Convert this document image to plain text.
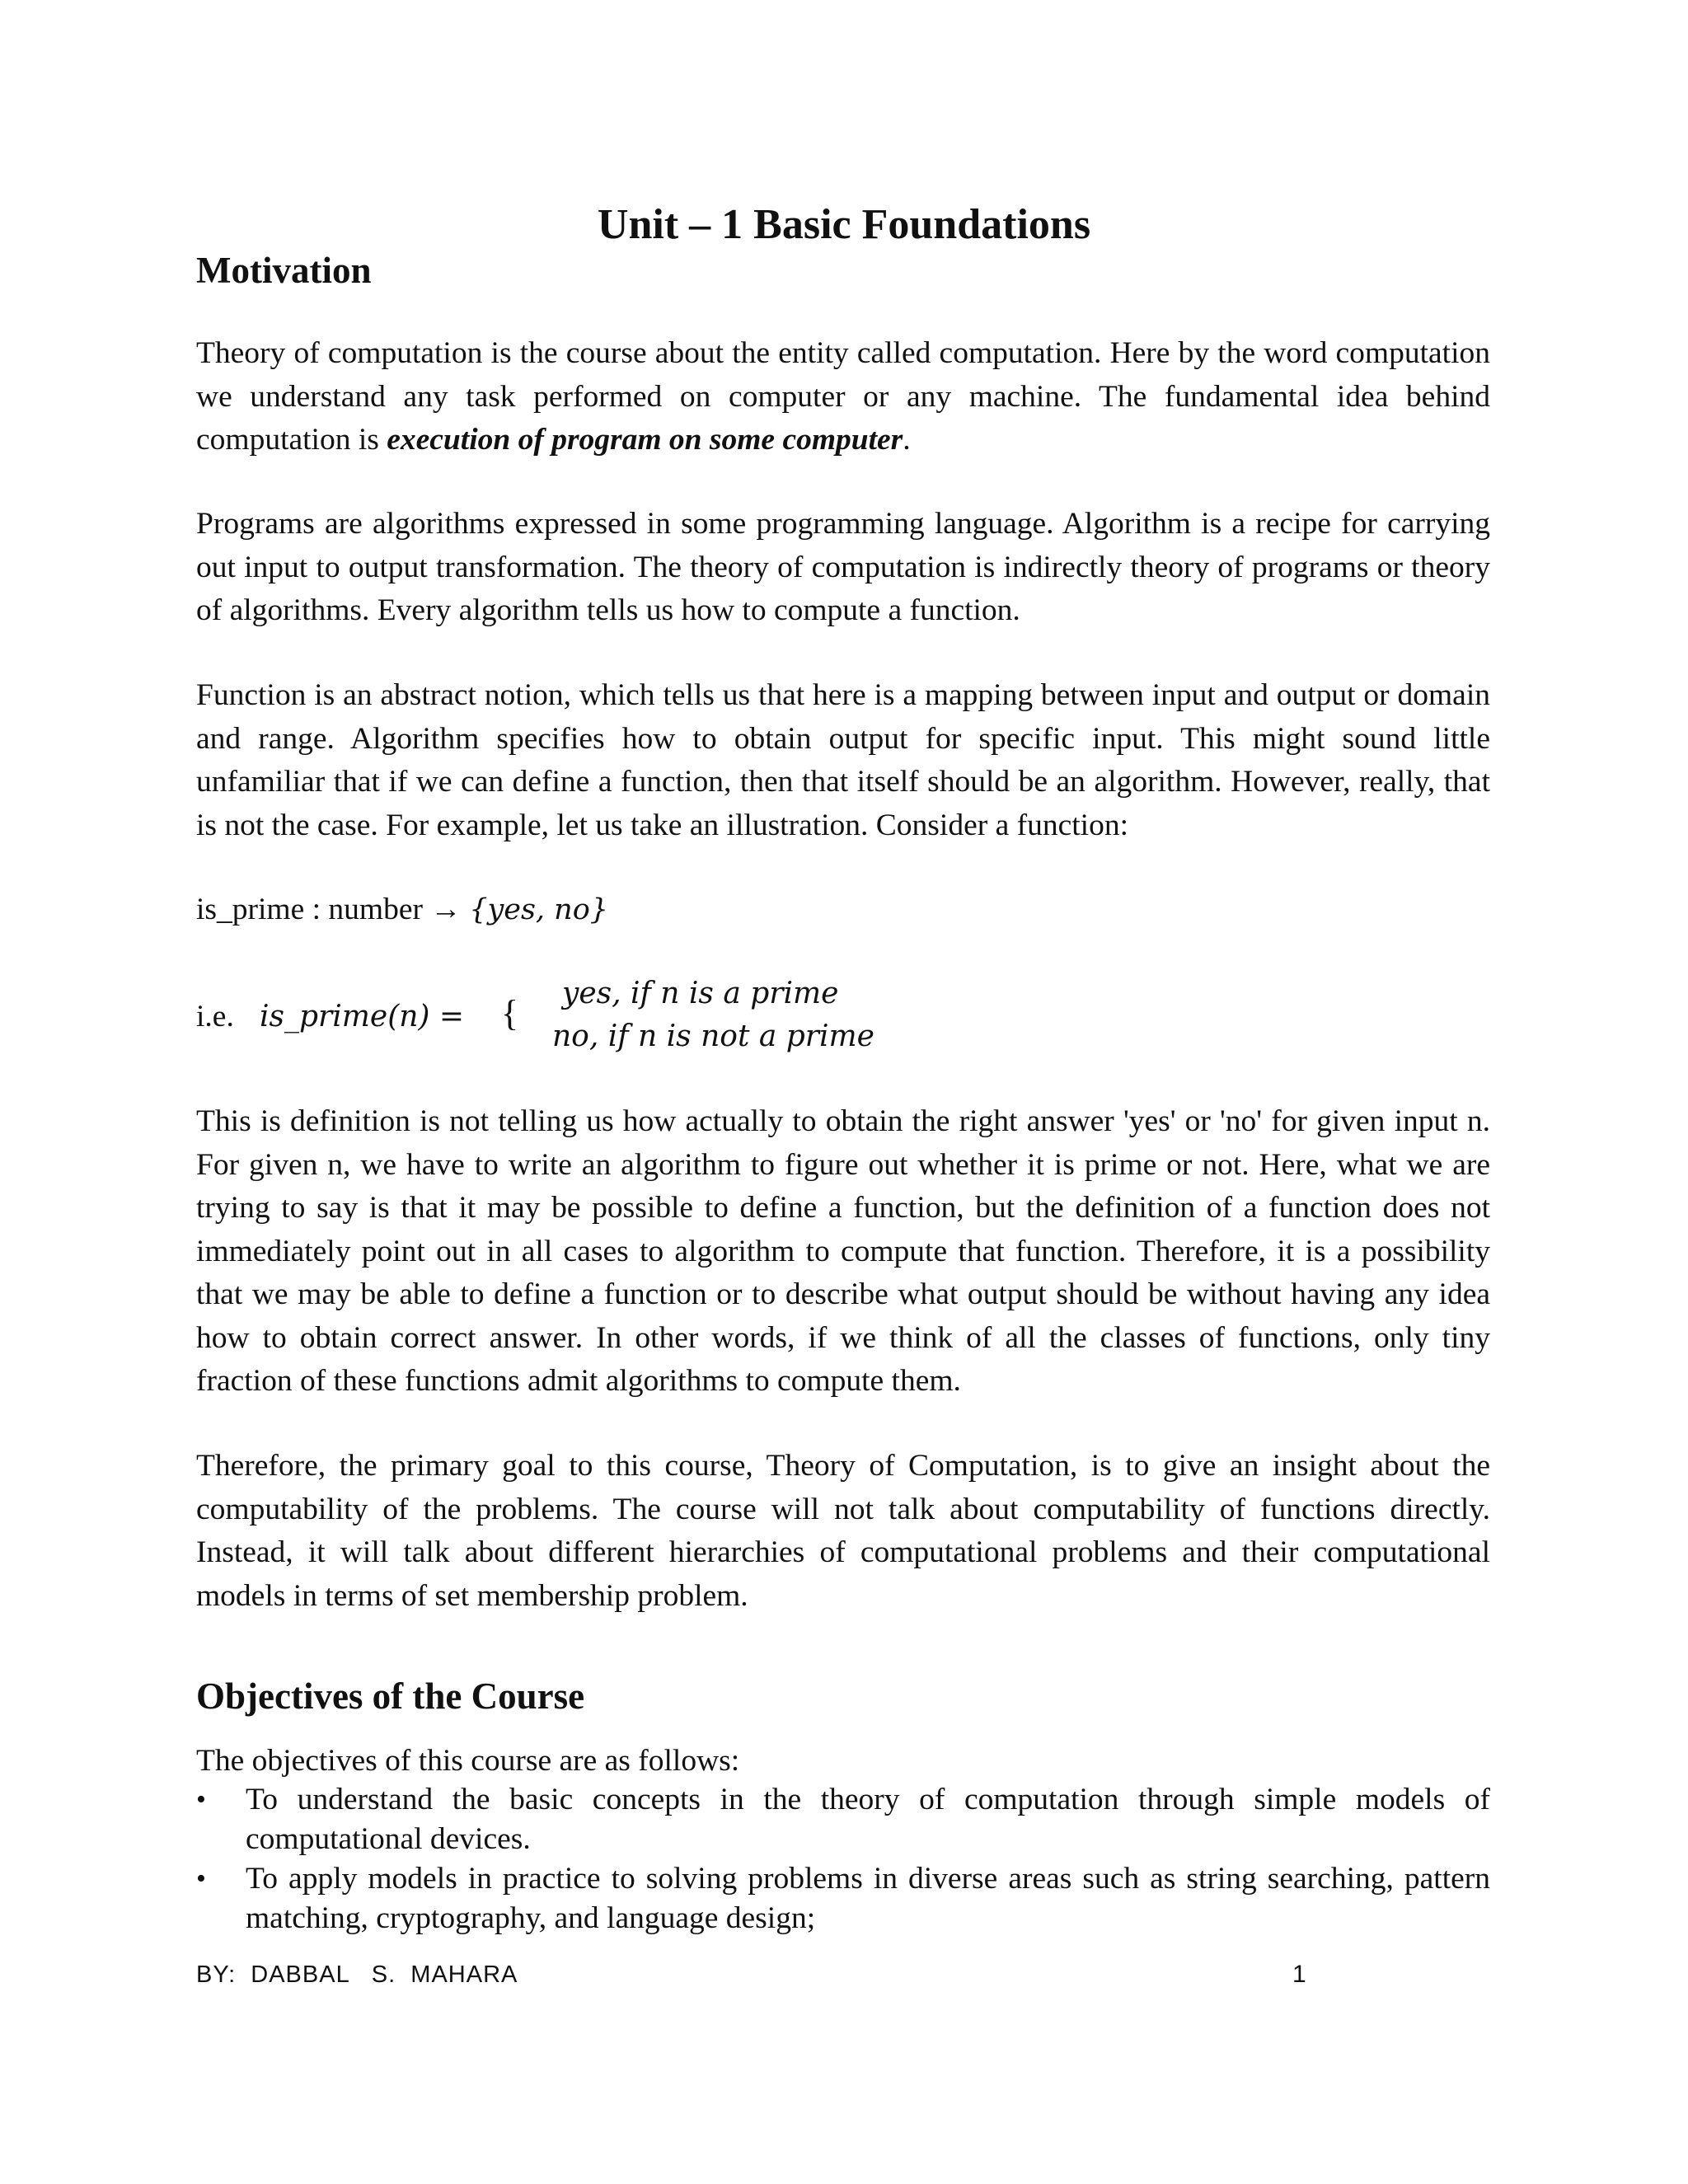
Unit – 1 Basic Foundations
Motivation

Theory of computation is the course about the entity called computation. Here by the word computation we understand any task performed on computer or any machine. The fundamental idea behind computation is execution of program on some computer.

Programs are algorithms expressed in some programming language. Algorithm is a recipe for carrying out input to output transformation. The theory of computation is indirectly theory of programs or theory of algorithms. Every algorithm tells us how to compute a function.

Function is an abstract notion, which tells us that here is a mapping between input and output or domain and range. Algorithm specifies how to obtain output for specific input. This might sound little unfamiliar that if we can define a function, then that itself should be an algorithm. However, really, that is not the case. For example, let us take an illustration. Consider a function:

is_prime : number → {yes, no}
i.e. is_prime(n) = { yes, if n is a prime
no, if n is not a prime

This is definition is not telling us how actually to obtain the right answer 'yes' or 'no' for given input n. For given n, we have to write an algorithm to figure out whether it is prime or not. Here, what we are trying to say is that it may be possible to define a function, but the definition of a function does not immediately point out in all cases to algorithm to compute that function. Therefore, it is a possibility that we may be able to define a function or to describe what output should be without having any idea how to obtain correct answer. In other words, if we think of all the classes of functions, only tiny fraction of these functions admit algorithms to compute them.

Therefore, the primary goal to this course, Theory of Computation, is to give an insight about the computability of the problems. The course will not talk about computability of functions directly. Instead, it will talk about different hierarchies of computational problems and their computational models in terms of set membership problem.

Objectives of the Course

The objectives of this course are as follows:

• To understand the basic concepts in the theory of computation through simple models of computational devices.
• To apply models in practice to solving problems in diverse areas such as string searching, pattern matching, cryptography, and language design;
BY:  DABBAL   S.  MAHARA	1
